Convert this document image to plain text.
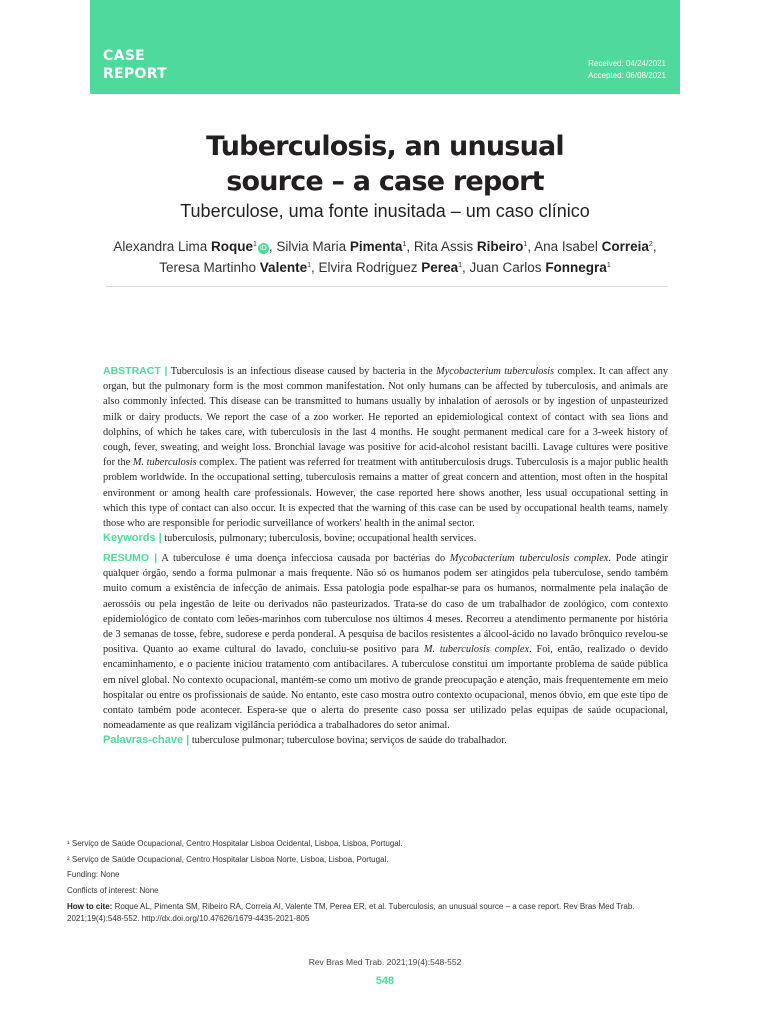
CASE
REPORT
Received: 04/24/2021
Accepted: 06/08/2021
Tuberculosis, an unusual
source – a case report
Tuberculose, uma fonte inusitada – um caso clínico
Alexandra Lima Roque$^1$iD , Silvia Maria Pimenta$^1$, Rita Assis Ribeiro$^1$, Ana Isabel Correia$^2$,
Teresa Martinho Valente$^1$, Elvira Rodriguez Perea$^1$, Juan Carlos Fonnegra$^1$
ABSTRACT | Tuberculosis is an infectious disease caused by bacteria in the Mycobacterium tuberculosis complex. It can affect any organ, but the pulmonary form is the most common manifestation. Not only humans can be affected by tuberculosis, and animals are also commonly infected. This disease can be transmitted to humans usually by inhalation of aerosols or by ingestion of unpasteurized milk or dairy products. We report the case of a zoo worker. He reported an epidemiological context of contact with sea lions and dolphins, of which he takes care, with tuberculosis in the last 4 months. He sought permanent medical care for a 3-week history of cough, fever, sweating, and weight loss. Bronchial lavage was positive for acid-alcohol resistant bacilli. Lavage cultures were positive for the M. tuberculosis complex. The patient was referred for treatment with antituberculosis drugs. Tuberculosis is a major public health problem worldwide. In the occupational setting, tuberculosis remains a matter of great concern and attention, most often in the hospital environment or among health care professionals. However, the case reported here shows another, less usual occupational setting in which this type of contact can also occur. It is expected that the warning of this case can be used by occupational health teams, namely those who are responsible for periodic surveillance of workers' health in the animal sector.
Keywords | tuberculosis, pulmonary; tuberculosis, bovine; occupational health services.
RESUMO | A tuberculose é uma doença infecciosa causada por bactérias do Mycobacterium tuberculosis complex. Pode atingir qualquer órgão, sendo a forma pulmonar a mais frequente. Não só os humanos podem ser atingidos pela tuberculose, sendo também muito comum a existência de infecção de animais. Essa patologia pode espalhar-se para os humanos, normalmente pela inalação de aerossóis ou pela ingestão de leite ou derivados não pasteurizados. Trata-se do caso de um trabalhador de zoológico, com contexto epidemiológico de contato com leões-marinhos com tuberculose nos últimos 4 meses. Recorreu a atendimento permanente por história de 3 semanas de tosse, febre, sudorese e perda ponderal. A pesquisa de bacilos resistentes a álcool-ácido no lavado brônquico revelou-se positiva. Quanto ao exame cultural do lavado, concluiu-se positivo para M. tuberculosis complex. Foi, então, realizado o devido encaminhamento, e o paciente iniciou tratamento com antibacilares. A tuberculose constitui um importante problema de saúde pública em nível global. No contexto ocupacional, mantém-se como um motivo de grande preocupação e atenção, mais frequentemente em meio hospitalar ou entre os profissionais de saúde. No entanto, este caso mostra outro contexto ocupacional, menos óbvio, em que este tipo de contato também pode acontecer. Espera-se que o alerta do presente caso possa ser utilizado pelas equipas de saúde ocupacional, nomeadamente as que realizam vigilância periódica a trabalhadores do setor animal.
Palavras-chave | tuberculose pulmonar; tuberculose bovina; serviços de saúde do trabalhador.

¹ Serviço de Saúde Ocupacional, Centro Hospitalar Lisboa Ocidental, Lisboa, Lisboa, Portugal.

² Serviço de Saúde Ocupacional, Centro Hospitalar Lisboa Norte, Lisboa, Lisboa, Portugal.

Funding: None

Conflicts of interest: None

How to cite: Roque AL, Pimenta SM, Ribeiro RA, Correia AI, Valente TM, Perea ER, et al. Tuberculosis, an unusual source – a case report. Rev Bras Med Trab. 2021;19(4):548-552. http://dx.doi.org/10.47626/1679-4435-2021-805

Rev Bras Med Trab. 2021;19(4):548-552
548
